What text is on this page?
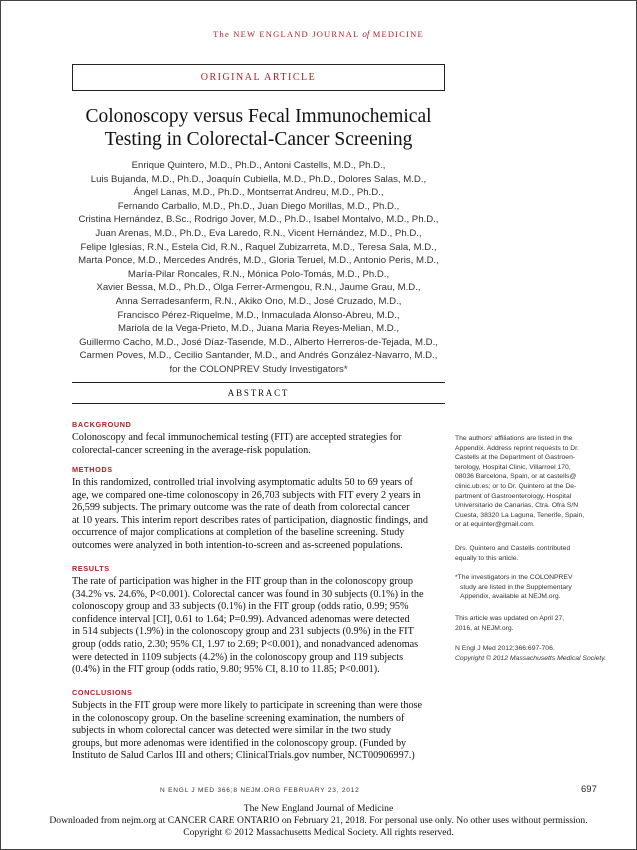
The NEW ENGLAND JOURNAL of MEDICINE
ORIGINAL ARTICLE
Colonoscopy versus Fecal Immunochemical
Testing in Colorectal-Cancer Screening
Enrique Quintero, M.D., Ph.D., Antoni Castells, M.D., Ph.D.,
Luis Bujanda, M.D., Ph.D., Joaquín Cubiella, M.D., Ph.D., Dolores Salas, M.D.,
Ángel Lanas, M.D., Ph.D., Montserrat Andreu, M.D., Ph.D.,
Fernando Carballo, M.D., Ph.D., Juan Diego Morillas, M.D., Ph.D.,
Cristina Hernández, B.Sc., Rodrigo Jover, M.D., Ph.D., Isabel Montalvo, M.D., Ph.D.,
Juan Arenas, M.D., Ph.D., Eva Laredo, R.N., Vicent Hernández, M.D., Ph.D.,
Felipe Iglesias, R.N., Estela Cid, R.N., Raquel Zubizarreta, M.D., Teresa Sala, M.D.,
Marta Ponce, M.D., Mercedes Andrés, M.D., Gloria Teruel, M.D., Antonio Peris, M.D.,
María-Pilar Roncales, R.N., Mónica Polo-Tomás, M.D., Ph.D.,
Xavier Bessa, M.D., Ph.D., Olga Ferrer-Armengou, R.N., Jaume Grau, M.D.,
Anna Serradesanferm, R.N., Akiko Ono, M.D., José Cruzado, M.D.,
Francisco Pérez-Riquelme, M.D., Inmaculada Alonso-Abreu, M.D.,
Mariola de la Vega-Prieto, M.D., Juana Maria Reyes-Melian, M.D.,
Guillermo Cacho, M.D., José Díaz-Tasende, M.D., Alberto Herreros-de-Tejada, M.D.,
Carmen Poves, M.D., Cecilio Santander, M.D., and Andrés González-Navarro, M.D.,
for the COLONPREV Study Investigators*
ABSTRACT
BACKGROUND
Colonoscopy and fecal immunochemical testing (FIT) are accepted strategies for
colorectal-cancer screening in the average-risk population.
METHODS
In this randomized, controlled trial involving asymptomatic adults 50 to 69 years of
age, we compared one-time colonoscopy in 26,703 subjects with FIT every 2 years in
26,599 subjects. The primary outcome was the rate of death from colorectal cancer
at 10 years. This interim report describes rates of participation, diagnostic findings, and
occurrence of major complications at completion of the baseline screening. Study
outcomes were analyzed in both intention-to-screen and as-screened populations.
RESULTS
The rate of participation was higher in the FIT group than in the colonoscopy group
(34.2% vs. 24.6%, P<0.001). Colorectal cancer was found in 30 subjects (0.1%) in the
colonoscopy group and 33 subjects (0.1%) in the FIT group (odds ratio, 0.99; 95%
confidence interval [CI], 0.61 to 1.64; P=0.99). Advanced adenomas were detected
in 514 subjects (1.9%) in the colonoscopy group and 231 subjects (0.9%) in the FIT
group (odds ratio, 2.30; 95% CI, 1.97 to 2.69; P<0.001), and nonadvanced adenomas
were detected in 1109 subjects (4.2%) in the colonoscopy group and 119 subjects
(0.4%) in the FIT group (odds ratio, 9.80; 95% CI, 8.10 to 11.85; P<0.001).
CONCLUSIONS
Subjects in the FIT group were more likely to participate in screening than were those
in the colonoscopy group. On the baseline screening examination, the numbers of
subjects in whom colorectal cancer was detected were similar in the two study
groups, but more adenomas were identified in the colonoscopy group. (Funded by
Instituto de Salud Carlos III and others; ClinicalTrials.gov number, NCT00906997.)
The authors' affiliations are listed in the
Appendix. Address reprint requests to Dr.
Castells at the Department of Gastroen-
terology, Hospital Clinic, Villarroel 170,
08036 Barcelona, Spain, or at castells@
clinic.ub.es; or to Dr. Quintero at the De-
partment of Gastroenterology, Hospital
Universitario de Canarias, Ctra. Ofra S/N
Cuesta, 38320 La Laguna, Tenerife, Spain,
or at equinter@gmail.com.
Drs. Quintero and Castells contributed
equally to this article.
*The investigators in the COLONPREV
study are listed in the Supplementary
Appendix, available at NEJM.org.
This article was updated on April 27,
2016, at NEJM.org.
N Engl J Med 2012;366:697-706.
Copyright © 2012 Massachusetts Medical Society.
N ENGL J MED 366;8 NEJM.ORG FEBRUARY 23, 2012	697
The New England Journal of Medicine
Downloaded from nejm.org at CANCER CARE ONTARIO on February 21, 2018. For personal use only. No other uses without permission.
Copyright © 2012 Massachusetts Medical Society. All rights reserved.
